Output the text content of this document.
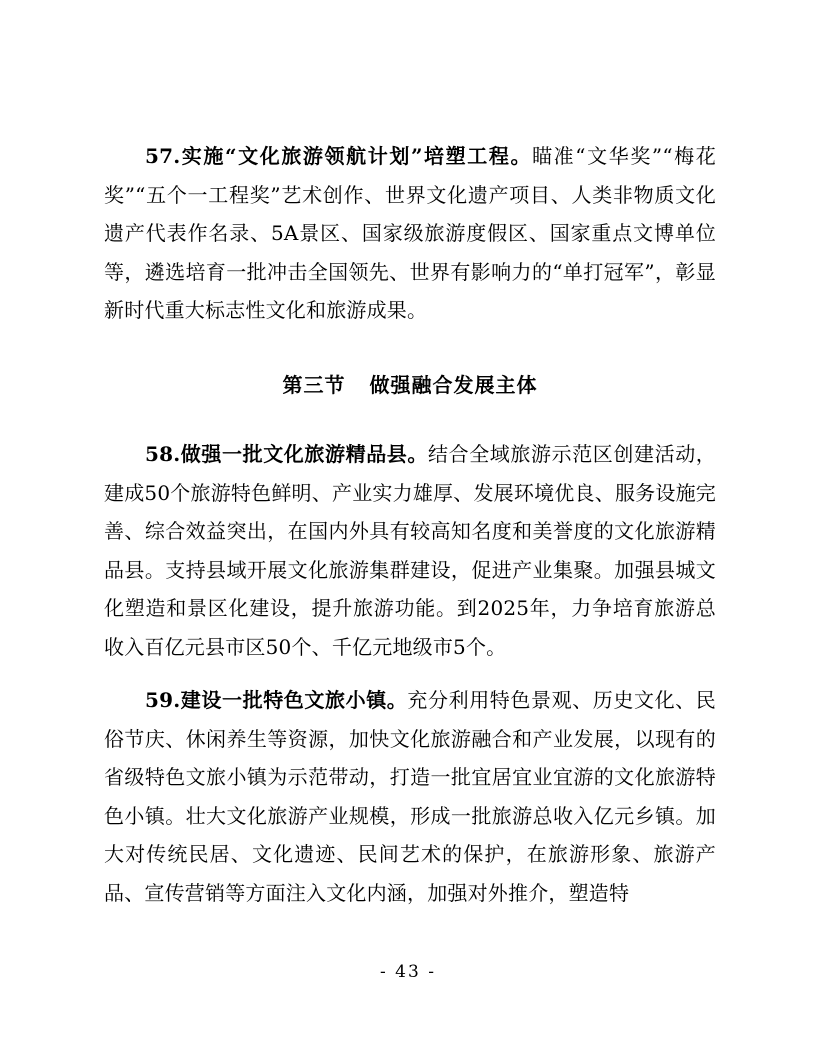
57.实施“文化旅游领航计划”培塑工程。瞄准“文华奖”“梅花奖”“五个一工程奖”艺术创作、世界文化遗产项目、人类非物质文化遗产代表作名录、5A景区、国家级旅游度假区、国家重点文博单位等，遴选培育一批冲击全国领先、世界有影响力的“单打冠军”，彰显新时代重大标志性文化和旅游成果。

第三节 做强融合发展主体

58.做强一批文化旅游精品县。结合全域旅游示范区创建活动，建成50个旅游特色鲜明、产业实力雄厚、发展环境优良、服务设施完善、综合效益突出，在国内外具有较高知名度和美誉度的文化旅游精品县。支持县域开展文化旅游集群建设，促进产业集聚。加强县城文化塑造和景区化建设，提升旅游功能。到2025年，力争培育旅游总收入百亿元县市区50个、千亿元地级市5个。

59.建设一批特色文旅小镇。充分利用特色景观、历史文化、民俗节庆、休闲养生等资源，加快文化旅游融合和产业发展，以现有的省级特色文旅小镇为示范带动，打造一批宜居宜业宜游的文化旅游特色小镇。壮大文化旅游产业规模，形成一批旅游总收入亿元乡镇。加大对传统民居、文化遗迹、民间艺术的保护，在旅游形象、旅游产品、宣传营销等方面注入文化内涵，加强对外推介，塑造特

- 43 -
